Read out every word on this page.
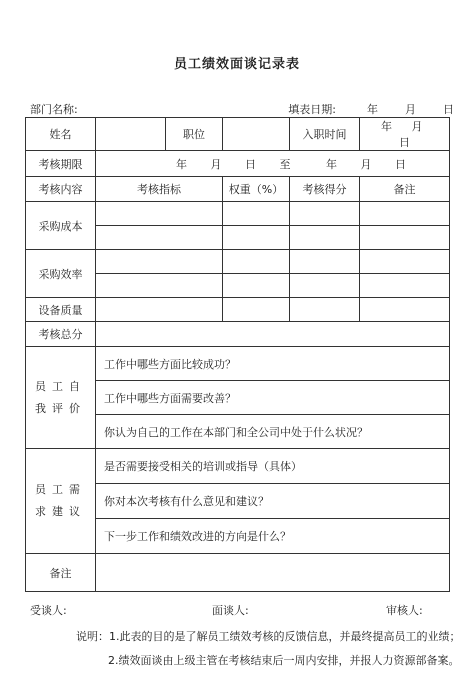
员工绩效面谈记录表
部门名称:	填表日期:	年 月 日
姓名		职位		入职时间	年 月 日
考核期限	年 月 日 至 年 月 日				
考核内容	考核指标		权重（%）	考核得分	备注
采购成本					

采购效率					

设备质量					
考核总分					
员工自我评价	工作中哪些方面比较成功？				
	工作中哪些方面需要改善？				
	你认为自己的工作在本部门和全公司中处于什么状况？				
员工需求建议	是否需要接受相关的培训或指导（具体）				
	你对本次考核有什么意见和建议？				
	下一步工作和绩效改进的方向是什么？				
备注					
受谈人:	面谈人:	审核人:
说明：1.此表的目的是了解员工绩效考核的反馈信息，并最终提高员工的业绩；
2.绩效面谈由上级主管在考核结束后一周内安排，并报人力资源部备案。
